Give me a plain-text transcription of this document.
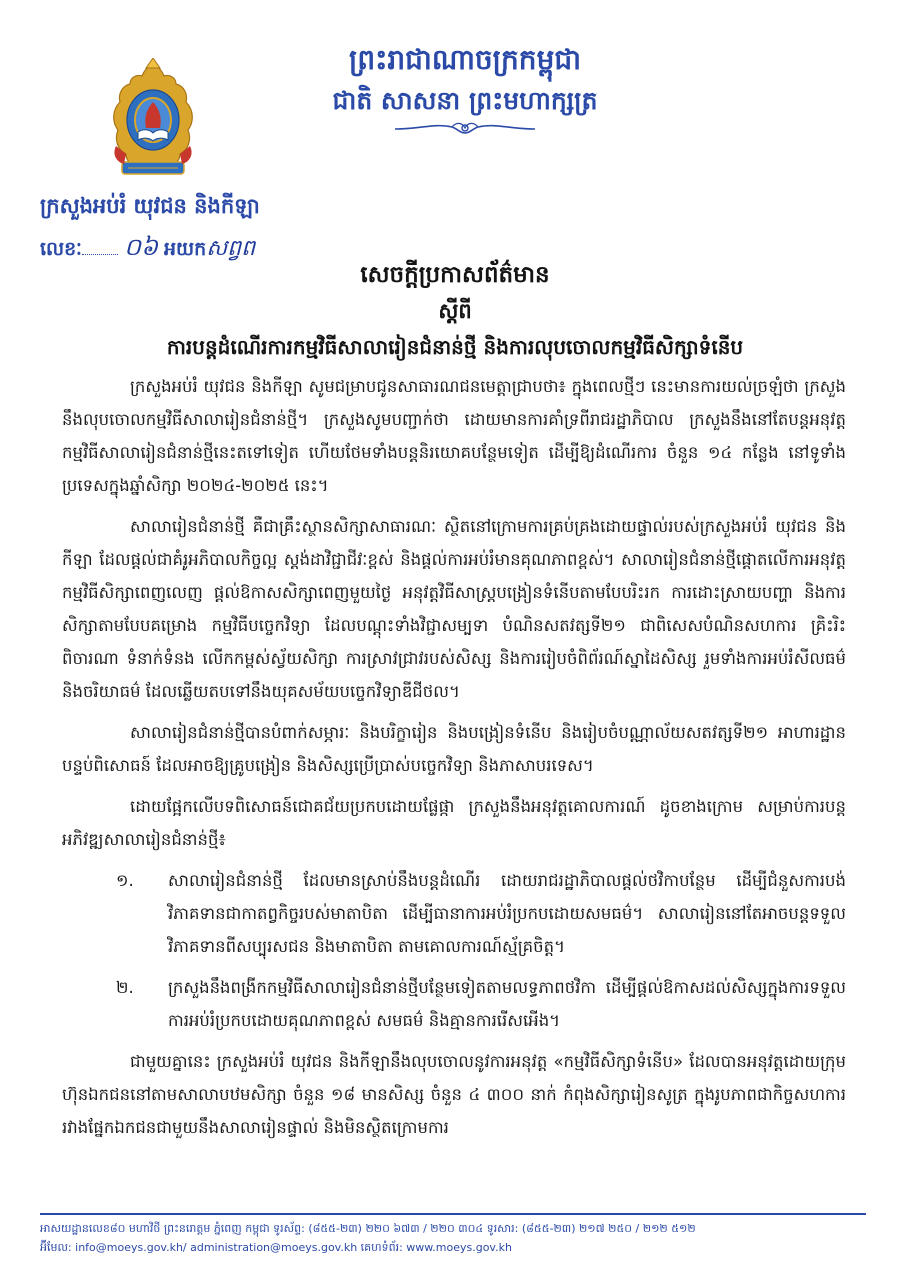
ព្រះរាជាណាចក្រកម្ពុជា
ជាតិ សាសនា ព្រះមហាក្សត្រ
ក្រសួងអប់រំ យុវជន និងកីឡា
លេខៈ ០៦ អយកសព្វព
សេចក្តីប្រកាសព័ត៌មាន
ស្តីពី
ការបន្តដំណើរការកម្មវិធីសាលារៀនជំនាន់ថ្មី និងការលុបចោលកម្មវិធីសិក្សាទំនើប

ក្រសួងអប់រំ យុវជន និងកីឡា សូមជម្រាបជូនសាធារណជនមេត្តាជ្រាបថា៖ ក្នុងពេលថ្មីៗ នេះមានការយល់ច្រឡំថា ក្រសួងនឹងលុបចោលកម្មវិធីសាលារៀនជំនាន់ថ្មី។ ក្រសួងសូមបញ្ជាក់ថា ដោយមានការគាំទ្រពីរាជរដ្ឋាភិបាល ក្រសួងនឹងនៅតែបន្តអនុវត្តកម្មវិធីសាលារៀនជំនាន់ថ្មីនេះតទៅទៀត ហើយថែមទាំងបន្តនិរយោគបន្ថែមទៀត ដើម្បីឱ្យដំណើរការ ចំនួន ១៤ កន្លែង នៅទូទាំងប្រទេសក្នុងឆ្នាំសិក្សា ២០២៤-២០២៥ នេះ។

សាលារៀនជំនាន់ថ្មី គឺជាគ្រឹះស្ថានសិក្សាសាធារណៈ ស្ថិតនៅក្រោមការគ្រប់គ្រងដោយផ្ទាល់របស់ក្រសួងអប់រំ យុវជន និងកីឡា ដែលផ្តល់ជាគំរូអភិបាលកិច្ចល្អ ស្តង់ដាវិជ្ជាជីវៈខ្ពស់ និងផ្តល់ការអប់រំមានគុណភាពខ្ពស់។ សាលារៀនជំនាន់ថ្មីផ្តោតលើការអនុវត្តកម្មវិធីសិក្សាពេញលេញ ផ្តល់ឱកាសសិក្សាពេញមួយថ្ងៃ អនុវត្តវិធីសាស្ត្របង្រៀនទំនើបតាមបែបរិះរក ការដោះស្រាយបញ្ហា និងការសិក្សាតាមបែបគម្រោង កម្មវិធីបច្ចេកវិទ្យា ដែលបណ្តុះទាំងវិជ្ជាសម្បទា បំណិនសតវត្សទី២១ ជាពិសេសបំណិនសហការ គ្រិះរិះពិចារណា ទំនាក់ទំនង លើកកម្ពស់ស្វ័យសិក្សា ការស្រាវជ្រាវរបស់សិស្ស និងការរៀបចំពិព័រណ៍ស្នាដៃសិស្ស រួមទាំងការអប់រំសីលធម៌ និងចរិយាធម៌ ដែលឆ្លើយតបទៅនឹងយុគសម័យបច្ចេកវិទ្យាឌីជីថល។

សាលារៀនជំនាន់ថ្មីបានបំពាក់សម្ភារៈ និងបរិក្ខារៀន និងបង្រៀនទំនើប និងរៀបចំបណ្ណាល័យសតវត្សទី២១ អាហារដ្ឋាន បន្ទប់ពិសោធន៍ ដែលអាចឱ្យគ្រូបង្រៀន និងសិស្សប្រើប្រាស់បច្ចេកវិទ្យា និងភាសាបរទេស។

ដោយផ្អែកលើបទពិសោធន៍ជោគជ័យប្រកបដោយផ្លែផ្កា ក្រសួងនឹងអនុវត្តគោលការណ៍ ដូចខាងក្រោម សម្រាប់ការបន្តអភិវឌ្ឍសាលារៀនជំនាន់ថ្មី៖

១.	សាលារៀនជំនាន់ថ្មី ដែលមានស្រាប់នឹងបន្តដំណើរ ដោយរាជរដ្ឋាភិបាលផ្តល់ថវិកាបន្ថែម ដើម្បីជំនួសការបង់វិភាគទានជាកាតព្វកិច្ចរបស់មាតាបិតា ដើម្បីធានាការអប់រំប្រកបដោយសមធម៌។ សាលារៀននៅតែអាចបន្តទទួលវិភាគទានពីសប្បុរសជន និងមាតាបិតា តាមគោលការណ៍ស្ម័គ្រចិត្ត។
២.	ក្រសួងនឹងពង្រីកកម្មវិធីសាលារៀនជំនាន់ថ្មីបន្ថែមទៀតតាមលទ្ធភាពថវិកា ដើម្បីផ្តល់ឱកាសដល់សិស្សក្នុងការទទួលការអប់រំប្រកបដោយគុណភាពខ្ពស់ សមធម៌ និងគ្មានការរើសអើង។

ជាមួយគ្នានេះ ក្រសួងអប់រំ យុវជន និងកីឡានឹងលុបចោលនូវការអនុវត្ត «កម្មវិធីសិក្សាទំនើប» ដែលបានអនុវត្តដោយក្រុមហ៊ុនឯកជននៅតាមសាលាបឋមសិក្សា ចំនួន ១៨ មានសិស្ស ចំនួន ៤ ៣០០ នាក់ កំពុងសិក្សារៀនសូត្រ ក្នុងរូបភាពជាកិច្ចសហការរវាងផ្នែកឯកជនជាមួយនឹងសាលារៀនផ្ទាល់ និងមិនស្ថិតក្រោមការ

អាសយដ្ឋានលេខ៨០ មហាវិថី ព្រះនរោត្តម ភ្នំពេញ កម្ពុជា ទូរស័ព្ទ: (៨៥៥-២៣) ២២០ ៦៧៣ / ២២០ ៣០៤ ទូរសារ: (៨៥៥-២៣) ២១៧ ២៥០ / ២១២ ៥១២
អ៊ីមែល: info@moeys.gov.kh/ administration@moeys.gov.kh គេហទំព័រ: www.moeys.gov.kh
